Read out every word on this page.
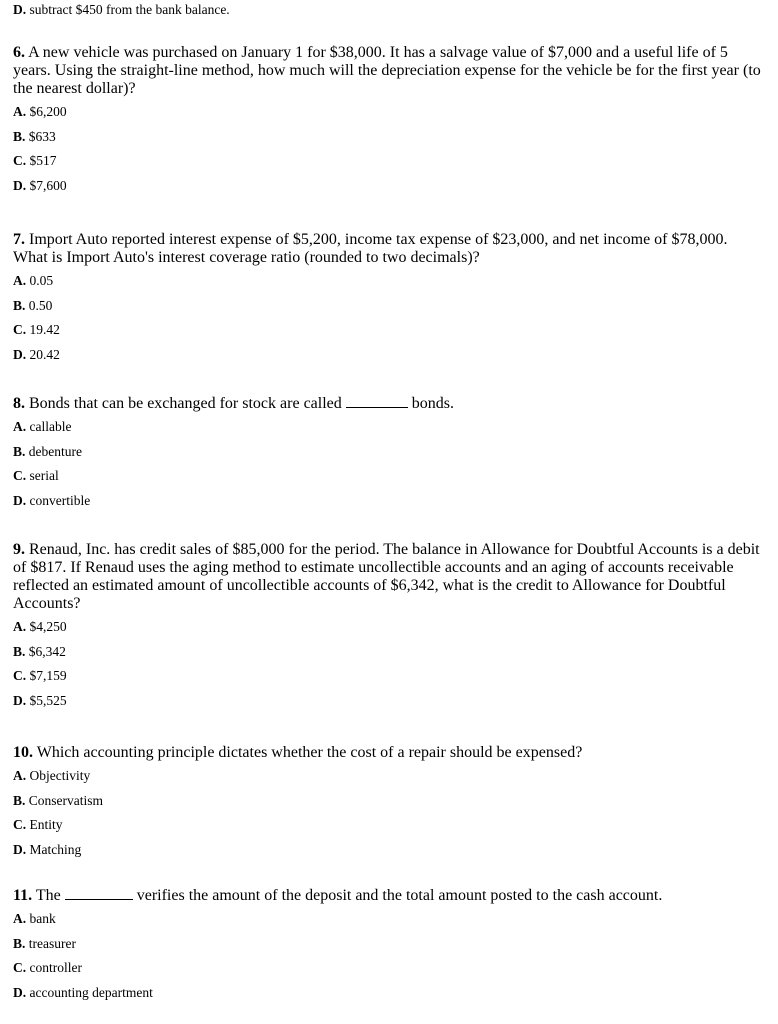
D. subtract $450 from the bank balance.

6. A new vehicle was purchased on January 1 for $38,000. It has a salvage value of $7,000 and a useful life of 5 years. Using the straight-line method, how much will the depreciation expense for the vehicle be for the first year (to the nearest dollar)?

A. $6,200
B. $633
C. $517
D. $7,600

7. Import Auto reported interest expense of $5,200, income tax expense of $23,000, and net income of $78,000. What is Import Auto's interest coverage ratio (rounded to two decimals)?

A. 0.05
B. 0.50
C. 19.42
D. 20.42

8. Bonds that can be exchanged for stock are called	bonds.

A. callable
B. debenture
C. serial
D. convertible

9. Renaud, Inc. has credit sales of $85,000 for the period. The balance in Allowance for Doubtful Accounts is a debit of $817. If Renaud uses the aging method to estimate uncollectible accounts and an aging of accounts receivable reflected an estimated amount of uncollectible accounts of $6,342, what is the credit to Allowance for Doubtful Accounts?

A. $4,250
B. $6,342
C. $7,159
D. $5,525

10. Which accounting principle dictates whether the cost of a repair should be expensed?

A. Objectivity
B. Conservatism
C. Entity
D. Matching

11. The	verifies the amount of the deposit and the total amount posted to the cash account.

A. bank
B. treasurer
C. controller
D. accounting department
